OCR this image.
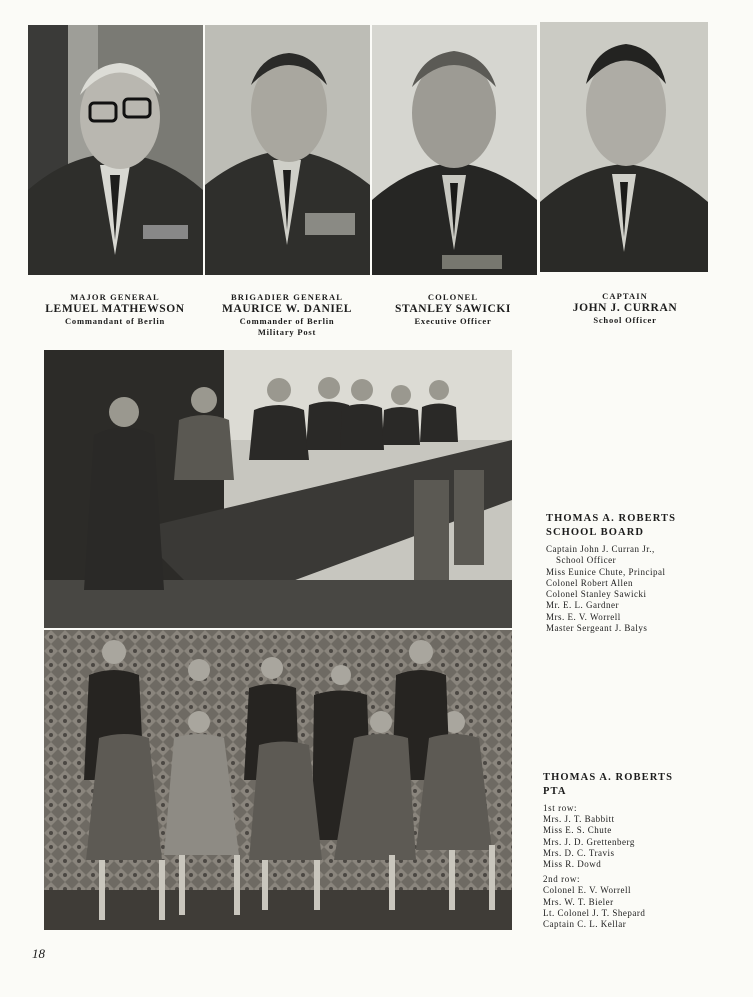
MAJOR GENERAL
LEMUEL MATHEWSON
Commandant of Berlin
BRIGADIER GENERAL
MAURICE W. DANIEL
Commander of Berlin
Military Post
COLONEL
STANLEY SAWICKI
Executive Officer
CAPTAIN
JOHN J. CURRAN
School Officer
THOMAS A. ROBERTS
SCHOOL BOARD
Captain John J. Curran Jr.,
School Officer
Miss Eunice Chute, Principal
Colonel Robert Allen
Colonel Stanley Sawicki
Mr. E. L. Gardner
Mrs. E. V. Worrell
Master Sergeant J. Balys
THOMAS A. ROBERTS
PTA
1st row:
Mrs. J. T. Babbitt
Miss E. S. Chute
Mrs. J. D. Grettenberg
Mrs. D. C. Travis
Miss R. Dowd
2nd row:
Colonel E. V. Worrell
Mrs. W. T. Bieler
Lt. Colonel J. T. Shepard
Captain C. L. Kellar
18
